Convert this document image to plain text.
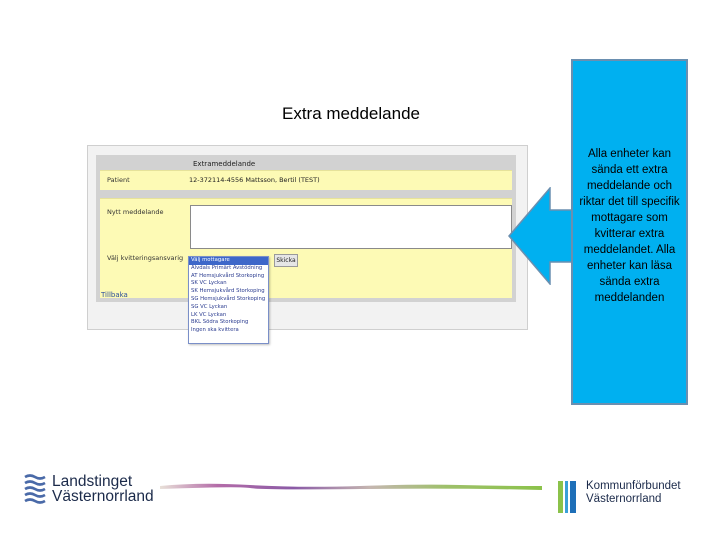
Extra meddelande
Extrameddelande
Patient	12-372114-4556 Mattsson, Bertil (TEST)
Nytt meddelande
Välj kvitteringsansvarig
Tillbaka
Skicka
Välj mottagare
Alvdals Primärt Avstödning
AT Hemsjukvård Storkoping
SK VC Lyckan
SK Hemsjukvård Storkoping
SG Hemsjukvård Storkoping
SG VC Lyckan
LK VC Lyckan
BKL Södra Storkoping
Ingen ska kvittera
Alla enheter kan sända ett extra meddelande och riktar det till specifik mottagare som kvitterar extra meddelandet. Alla enheter kan läsa sända extra meddelanden
Landstinget
Västernorrland
Kommunförbundet
Västernorrland
